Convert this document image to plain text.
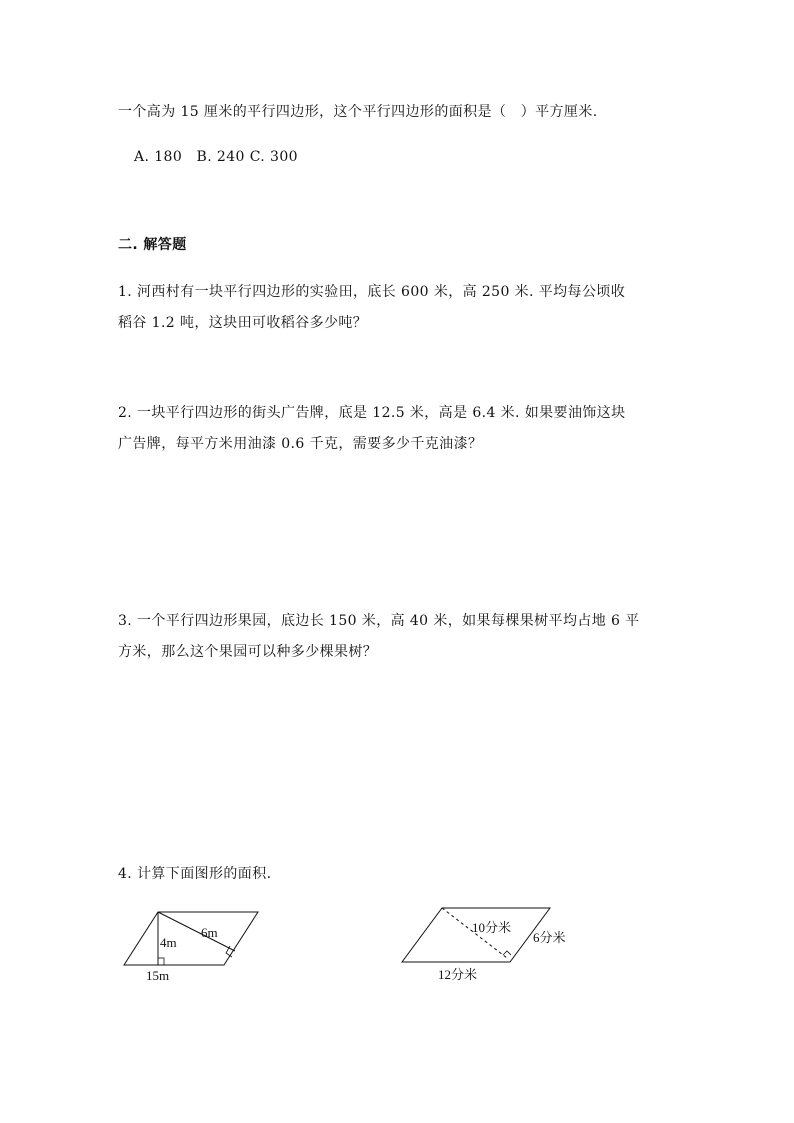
一个高为 15 厘米的平行四边形，这个平行四边形的面积是（　）平方厘米.
A. 180　B. 240 C. 300
二. 解答题
1. 河西村有一块平行四边形的实验田，底长 600 米，高 250 米. 平均每公顷收
稻谷 1.2 吨，这块田可收稻谷多少吨？
2. 一块平行四边形的街头广告牌，底是 12.5 米，高是 6.4 米. 如果要油饰这块
广告牌，每平方米用油漆 0.6 千克，需要多少千克油漆？
3. 一个平行四边形果园，底边长 150 米，高 40 米，如果每棵果树平均占地 6 平
方米，那么这个果园可以种多少棵果树？
4. 计算下面图形的面积.
4m
6m
15m
10分米
6分米
12分米
